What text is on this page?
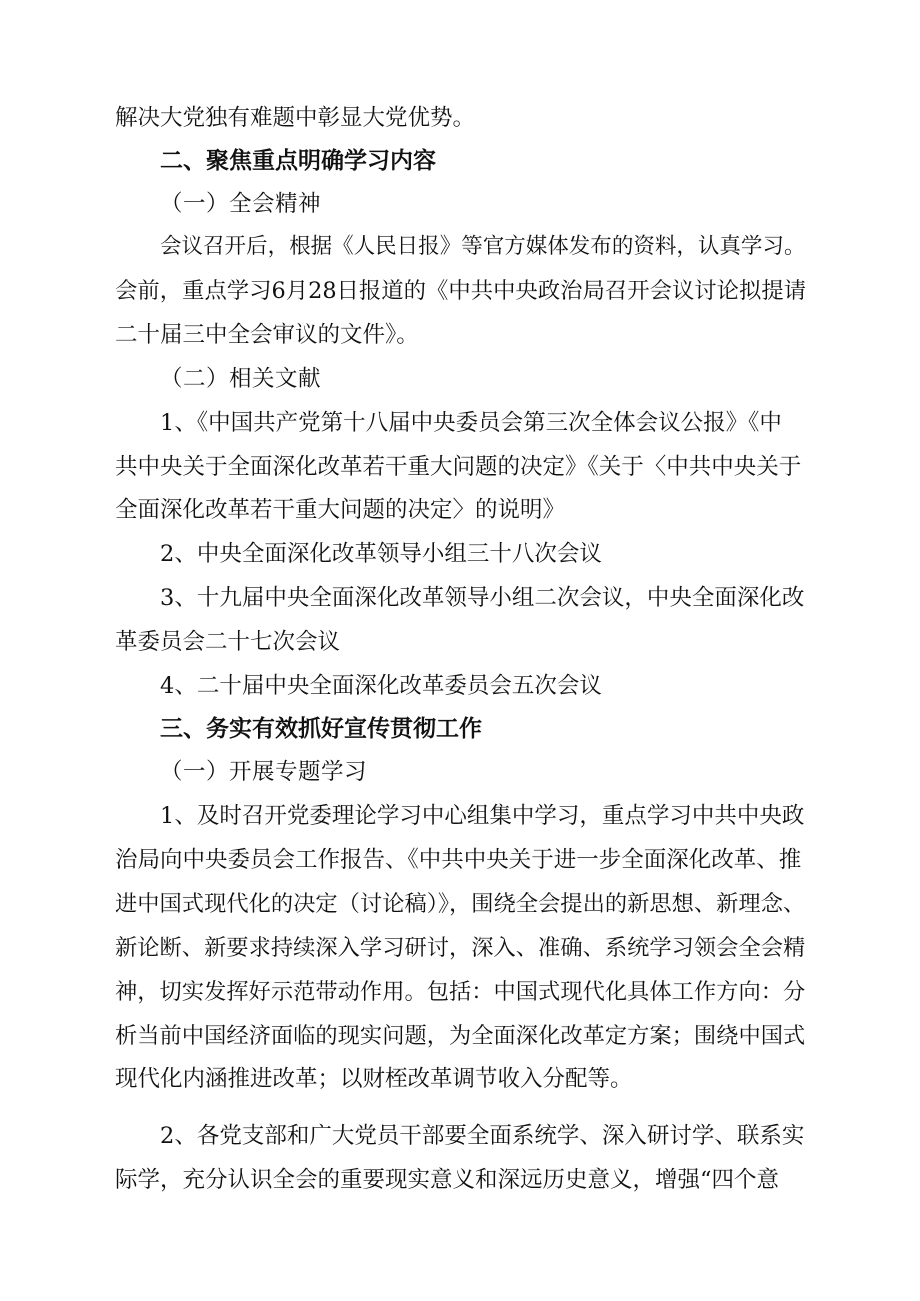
解决大党独有难题中彰显大党优势。
二、聚焦重点明确学习内容
（一）全会精神
会议召开后，根据《人民日报》等官方媒体发布的资料，认真学习。
会前，重点学习6月28日报道的《中共中央政治局召开会议讨论拟提请
二十届三中全会审议的文件》。
（二）相关文献
1、《中国共产党第十八届中央委员会第三次全体会议公报》《中
共中央关于全面深化改革若干重大问题的决定》《关于〈中共中央关于
全面深化改革若干重大问题的决定〉的说明》
2、中央全面深化改革领导小组三十八次会议
3、十九届中央全面深化改革领导小组二次会议，中央全面深化改
革委员会二十七次会议
4、二十届中央全面深化改革委员会五次会议
三、务实有效抓好宣传贯彻工作
（一）开展专题学习
1、及时召开党委理论学习中心组集中学习，重点学习中共中央政
治局向中央委员会工作报告、《中共中央关于进一步全面深化改革、推
进中国式现代化的决定（讨论稿）》，围绕全会提出的新思想、新理念、
新论断、新要求持续深入学习研讨，深入、准确、系统学习领会全会精
神，切实发挥好示范带动作用。包括：中国式现代化具体工作方向：分
析当前中国经济面临的现实问题，为全面深化改革定方案；围绕中国式
现代化内涵推进改革；以财桎改革调节收入分配等。
2、各党支部和广大党员干部要全面系统学、深入研讨学、联系实
际学，充分认识全会的重要现实意义和深远历史意义，增强“四个意
